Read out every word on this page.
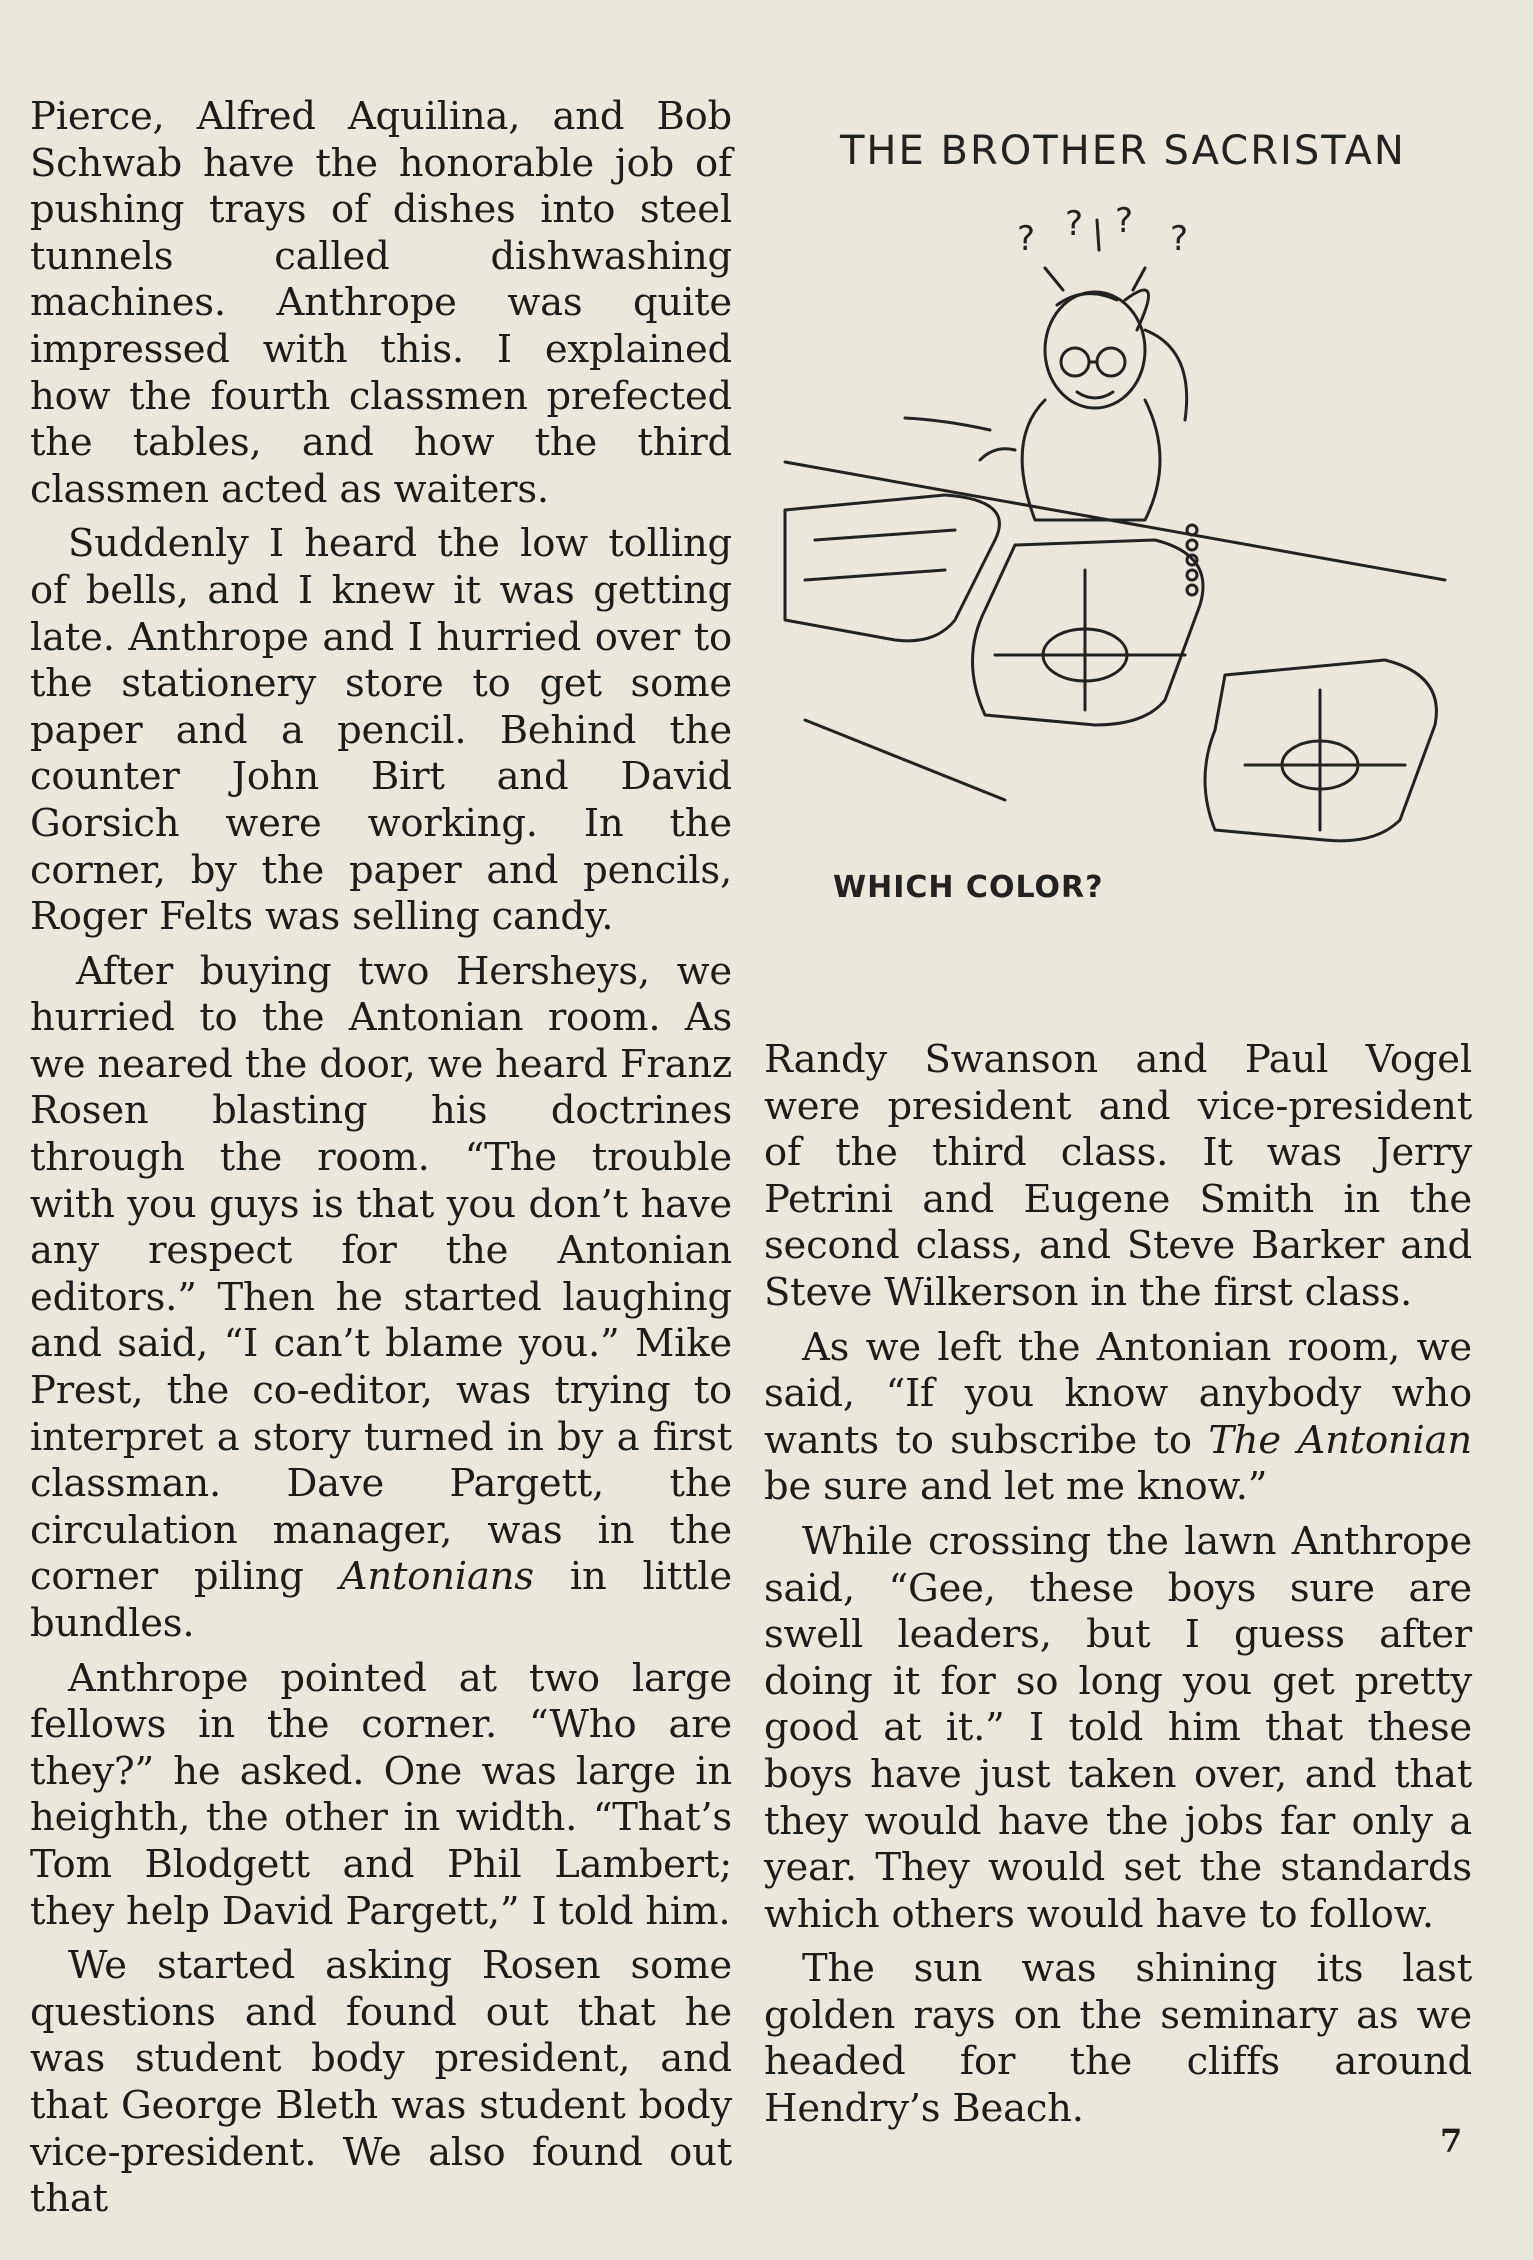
Pierce, Alfred Aquilina, and Bob Schwab have the honorable job of pushing trays of dishes into steel tunnels called dishwashing machines. Anthrope was quite impressed with this. I explained how the fourth classmen prefected the tables, and how the third classmen acted as waiters.

Suddenly I heard the low tolling of bells, and I knew it was getting late. Anthrope and I hurried over to the stationery store to get some paper and a pencil. Behind the counter John Birt and David Gorsich were working. In the corner, by the paper and pencils, Roger Felts was selling candy.

After buying two Hersheys, we hurried to the Antonian room. As we neared the door, we heard Franz Rosen blasting his doctrines through the room. “The trouble with you guys is that you don’t have any respect for the Antonian editors.” Then he started laughing and said, “I can’t blame you.” Mike Prest, the co-editor, was trying to interpret a story turned in by a first classman. Dave Pargett, the circulation manager, was in the corner piling Antonians in little bundles.

Anthrope pointed at two large fellows in the corner. “Who are they?” he asked. One was large in heighth, the other in width. “That’s Tom Blodgett and Phil Lambert; they help David Pargett,” I told him.

We started asking Rosen some questions and found out that he was student body president, and that George Bleth was student body vice-president. We also found out that

THE BROTHER SACRISTAN
? ? ? ?
WHICH COLOR?

Randy Swanson and Paul Vogel were president and vice-president of the third class. It was Jerry Petrini and Eugene Smith in the second class, and Steve Barker and Steve Wilkerson in the first class.

As we left the Antonian room, we said, “If you know anybody who wants to subscribe to The Antonian be sure and let me know.”

While crossing the lawn Anthrope said, “Gee, these boys sure are swell leaders, but I guess after doing it for so long you get pretty good at it.” I told him that these boys have just taken over, and that they would have the jobs far only a year. They would set the standards which others would have to follow.

The sun was shining its last golden rays on the seminary as we headed for the cliffs around Hendry’s Beach.

7
